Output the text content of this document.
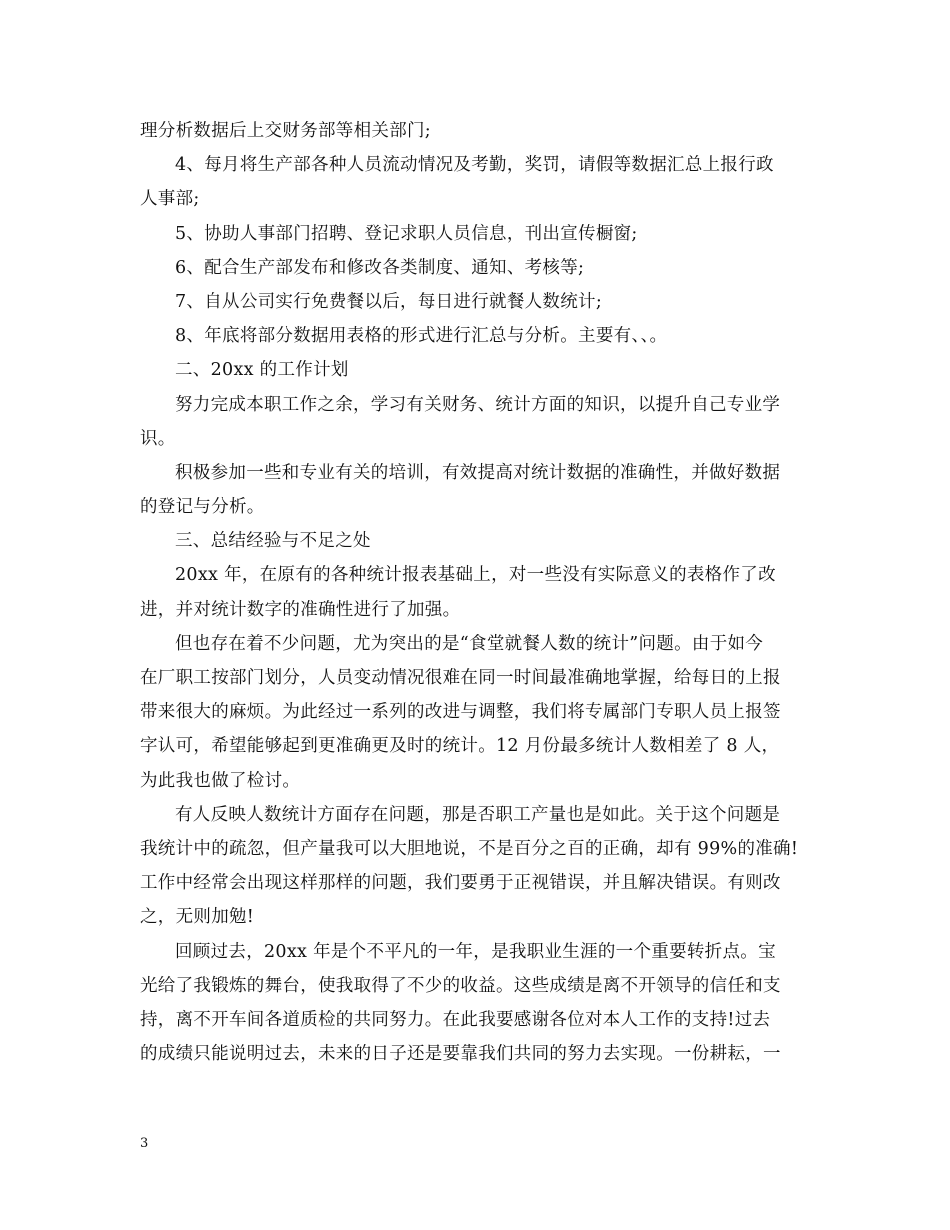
理分析数据后上交财务部等相关部门;
4、每月将生产部各种人员流动情况及考勤，奖罚，请假等数据汇总上报行政
人事部;
5、协助人事部门招聘、登记求职人员信息，刊出宣传橱窗;
6、配合生产部发布和修改各类制度、通知、考核等;
7、自从公司实行免费餐以后，每日进行就餐人数统计;
8、年底将部分数据用表格的形式进行汇总与分析。主要有、、。
二、20xx 的工作计划
努力完成本职工作之余，学习有关财务、统计方面的知识，以提升自己专业学
识。
积极参加一些和专业有关的培训，有效提高对统计数据的准确性，并做好数据
的登记与分析。
三、总结经验与不足之处
20xx 年，在原有的各种统计报表基础上，对一些没有实际意义的表格作了改
进，并对统计数字的准确性进行了加强。
但也存在着不少问题，尤为突出的是“食堂就餐人数的统计”问题。由于如今
在厂职工按部门划分，人员变动情况很难在同一时间最准确地掌握，给每日的上报
带来很大的麻烦。为此经过一系列的改进与调整，我们将专属部门专职人员上报签
字认可，希望能够起到更准确更及时的统计。12 月份最多统计人数相差了 8 人，
为此我也做了检讨。
有人反映人数统计方面存在问题，那是否职工产量也是如此。关于这个问题是
我统计中的疏忽，但产量我可以大胆地说，不是百分之百的正确，却有 99%的准确!
工作中经常会出现这样那样的问题，我们要勇于正视错误，并且解决错误。有则改
之，无则加勉!
回顾过去，20xx 年是个不平凡的一年，是我职业生涯的一个重要转折点。宝
光给了我锻炼的舞台，使我取得了不少的收益。这些成绩是离不开领导的信任和支
持，离不开车间各道质检的共同努力。在此我要感谢各位对本人工作的支持!过去
的成绩只能说明过去，未来的日子还是要靠我们共同的努力去实现。一份耕耘，一
3
